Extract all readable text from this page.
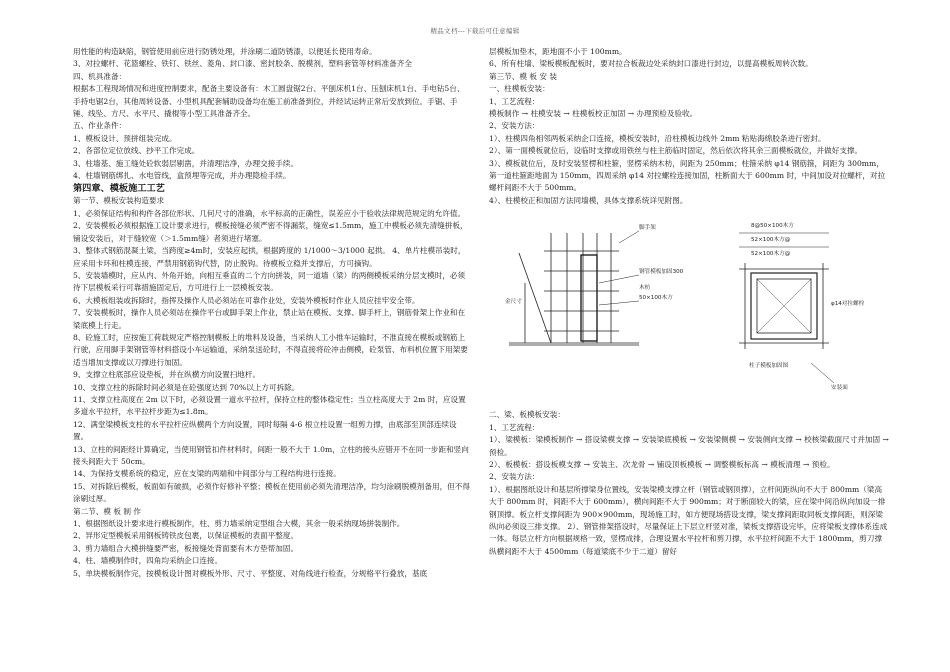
精品文档---下载后可任意编辑

用性能的构造缺陷，钢管使用前应进行防锈处理，并涂刷二道防锈漆，以便延长使用寿命。

3、对拉螺杆、花篮螺栓、铁钉、铁丝、菱角、封口漆、密封胶条、脱模剂，塑料套管等材料准备齐全

四、机具准备：

根据本工程现场情况和进度控制要求，配备主要设备有：木工圆盘锯2台、平刨床机1台、压刨床机1台、手电钻5台、手持电锯2台，其他周转设备、小型机具配套辅助设备均在施工前准备到位，并经试运转正常后安放到位。手锯、手锤、线坠、方尺、水平尺、撬棍等小型工具准备齐全。

五、作业条件：

1、模板设计、预拼组装完成。

2、各部位定位放线、抄平工作完成。

3、柱墙基、施工缝处砼软弱层剔凿，并清理洁净，办理交接手续。

4、柱墙钢筋绑扎、水电管线，盒预埋等完成，并办理隐检手续。

第四章、模板施工工艺

第一节、模板安装构造要求

1、必须保证结构和构件各部位形状、几何尺寸的准确，水平标高的正确性，误差应小于验收法律规范规定的允许值。

2、安装模板必须根据施工设计要求进行，模板接缝必须严密不得漏浆，缝宽≤1.5mm，施工中模板必须先清缝拼板，铺设安装后，对于缝较宽（＞1.5mm缝）者须进行堵塞。

3、整体式钢筋混凝土梁，当跨度≥4m时，安装应起拱，根据跨度的 1/1000～3/1000 起拱。 4、单片柱模吊装时，应采用卡环和柱模连接，严禁用钢筋钩代替，防止脱钩。待模板立稳并支撑后，方可摘钩。

5、安装墙模时，应从内、外角开始，向相互垂直的二个方向拼装，同一道墙（梁）的两侧模板采纳分层支模时，必须待下层模板采行可靠措施固定后，方可进行上一层模板安装。

6、大模板组装或拆除时，指挥及操作人员必须站在可靠作业处，安装外模板时作业人员应挂牢安全带。

7、安装模板时，操作人员必须站在操作平台或脚手架上作业，禁止站在模板、支撑、脚手杆上，钢筋骨架上作业和在梁底模上行走。

8、砼施工时，应按施工荷载规定严格控制模板上的堆料及设备，当采纳人工小推车运输时，不准直接在模板或钢筋上行驶，应用脚手架钢管等材料搭设小车运输道，采纳泵送砼时，不得直接将砼冲击侧模，砼泵管、布料机位置下用架要适当增加支撑或以刀撑进行加固。

9、支撑立柱底部应设垫板，并在纵横方向设置扫地杆。

10、支撑立柱的拆除时间必须是在砼强度达到 70%以上方可拆除。

11、支撑立柱高度在 2m 以下时，必须设置一道水平拉杆，保持立柱的整体稳定性；当立柱高度大于 2m 时，应设置多道水平拉杆，水平拉杆步距为≤1.8m。

12、满堂梁模板支柱的水平拉杆应纵横两个方向设置，同时每隔 4-6 根立柱设置一组剪力撑，由底部至顶部连续设置。

13、立柱的间距经计算确定，当使用钢管扣件材料时，间距一般不大于 1.0m，立柱的接头应错开不在同一步距和竖向接头间距大于 50cm。

14、为保持支模系统的稳定，应在支梁的两端和中间部分与工程结构进行连接。

15、对拆除后模板，板面如有破损，必须作好修补平整；模板在使用前必须先清理洁净，均匀涂刷脱模剂备用，但不得涂刷过厚。

第二节、模 板 制 作

1、根据图纸设计要求进行模板制作，柱、剪力墙采纳定型组合大模，其余一般采纳现场拼装制作。

2、异形定型模板采用钢板铸铁皮包裹，以保证模板的表面平整度。

3、剪力墙组合大模拼缝要严密，板接缝处背面要有木方垫帮加固。

4、柱、墙模制作时，四角均采纳企口连接。

5、单块模板制作完，按模板设计图对模板外形、尺寸、平整度、对角线进行检查，分规格平行叠放，基底

层模板加垫木，距地面不小于 100mm。

6、所有柱墙、梁板模板配板时，要对拉合板裁边处采纳封口漆进行封边，以提高模板周转次数。

第三节、模 板 安 装

一、柱模板安装：

1、工艺流程：

模板制作 → 柱模安装 → 柱模板校正加固 → 办理预检及验收。

2、安装方法：

1）、柱模四角相邻两板采纳企口连接，模板安装时，沿柱模板边线外 2mm 粘贴海绵胶条进行密封。

2）、第一面模板就位后，设临时支撑或用铁丝与柱主筋临时固定，然后依次将其余三面模板就位，并做好支撑。

3）、模板就位后，及时安装竖楞和柱箍，竖楞采纳木枋，间距为 250mm；柱箍采纳 φ14 钢筋箍，间距为 300mm，第一道柱箍距地面为 150mm，四周采纳 φ14 对拉螺栓连接加固，柱断面大于 600mm 时，中间加设对拉螺杆，对拉螺杆间距不大于 500mm。

4）、柱模校正和加固方法同墙模，具体支撑系统详见附图。

脚手架
金尺寸
钢管模板加固300
木枋
50×100木方
8@50×100木方
52×100木方@
52×100木方@
φ14对拉螺栓
柱子模板加固图
安装面

二、梁、板模板安装：

1、工艺流程：

1）、梁模板：梁模板制作 → 搭设梁模支撑 → 安装梁底模板 → 安装梁侧模 → 安装侧向支撑 → 校核梁截面尺寸并加固 → 预检。

2）、板模板：搭设板模支撑 → 安装主、次龙骨 → 铺设顶板模板 → 调整模板标高 → 模板清理 → 预检。

2、安装方法：

1）、根据图纸设计和基层所撑梁身位置线，安装梁模支撑立杆（钢管或钢顶撑），立杆间距纵向不大于 800mm（梁高大于 800mm 时，间距不大于 600mm），横向间距不大于 900mm；对于断面较大的梁，应在梁中间沿纵向加设一排钢顶撑。板立杆支撑间距为 900×900mm，现场施工时，如方便现场搭设支撑，梁支撑间距取同板支撑间距，则深梁纵向必须设三排支撑。 2）、钢管排架搭设时，尽量保证上下层立杆竖对准，梁板支撑搭设完毕，应将梁板支撑体系连成一体。每层立杆方向根据规格一致，竖楞成排，合理设置水平拉杆和剪刀撑，水平拉杆间距不大于 1800mm，剪刀撑纵横间距不大于 4500mm（每道梁底不少于二道）留好
